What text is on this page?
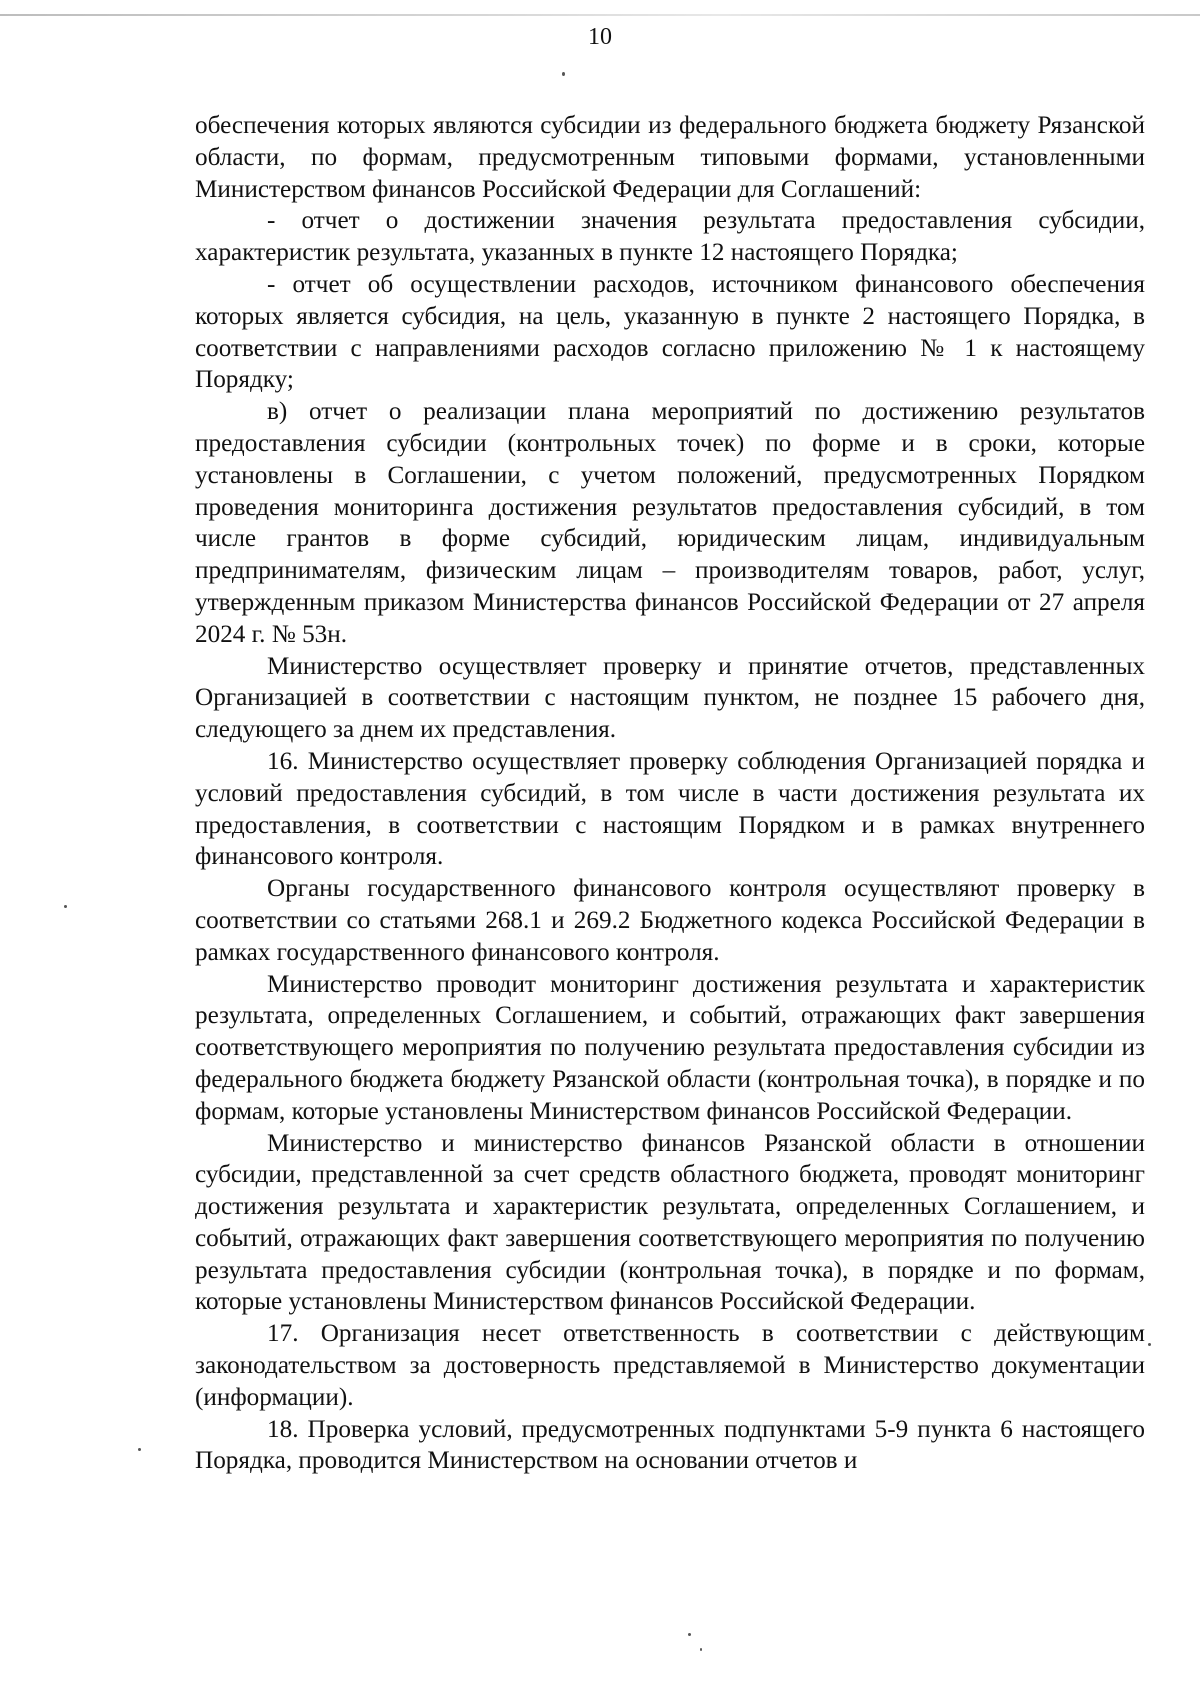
10

обеспечения которых являются субсидии из федерального бюджета бюджету Рязанской области, по формам, предусмотренным типовыми формами, установленными Министерством финансов Российской Федерации для Соглашений:

- отчет о достижении значения результата предоставления субсидии, характеристик результата, указанных в пункте 12 настоящего Порядка;

- отчет об осуществлении расходов, источником финансового обеспечения которых является субсидия, на цель, указанную в пункте 2 настоящего Порядка, в соответствии с направлениями расходов согласно приложению № 1 к настоящему Порядку;

в) отчет о реализации плана мероприятий по достижению результатов предоставления субсидии (контрольных точек) по форме и в сроки, которые установлены в Соглашении, с учетом положений, предусмотренных Порядком проведения мониторинга достижения результатов предоставления субсидий, в том числе грантов в форме субсидий, юридическим лицам, индивидуальным предпринимателям, физическим лицам – производителям товаров, работ, услуг, утвержденным приказом Министерства финансов Российской Федерации от 27 апреля 2024 г. № 53н.

Министерство осуществляет проверку и принятие отчетов, представленных Организацией в соответствии с настоящим пунктом, не позднее 15 рабочего дня, следующего за днем их представления.

16. Министерство осуществляет проверку соблюдения Организацией порядка и условий предоставления субсидий, в том числе в части достижения результата их предоставления, в соответствии с настоящим Порядком и в рамках внутреннего финансового контроля.

Органы государственного финансового контроля осуществляют проверку в соответствии со статьями 268.1 и 269.2 Бюджетного кодекса Российской Федерации в рамках государственного финансового контроля.

Министерство проводит мониторинг достижения результата и характеристик результата, определенных Соглашением, и событий, отражающих факт завершения соответствующего мероприятия по получению результата предоставления субсидии из федерального бюджета бюджету Рязанской области (контрольная точка), в порядке и по формам, которые установлены Министерством финансов Российской Федерации.

Министерство и министерство финансов Рязанской области в отношении субсидии, представленной за счет средств областного бюджета, проводят мониторинг достижения результата и характеристик результата, определенных Соглашением, и событий, отражающих факт завершения соответствующего мероприятия по получению результата предоставления субсидии (контрольная точка), в порядке и по формам, которые установлены Министерством финансов Российской Федерации.

17. Организация несет ответственность в соответствии с действующим законодательством за достоверность представляемой в Министерство документации (информации).

18. Проверка условий, предусмотренных подпунктами 5-9 пункта 6 настоящего Порядка, проводится Министерством на основании отчетов и
